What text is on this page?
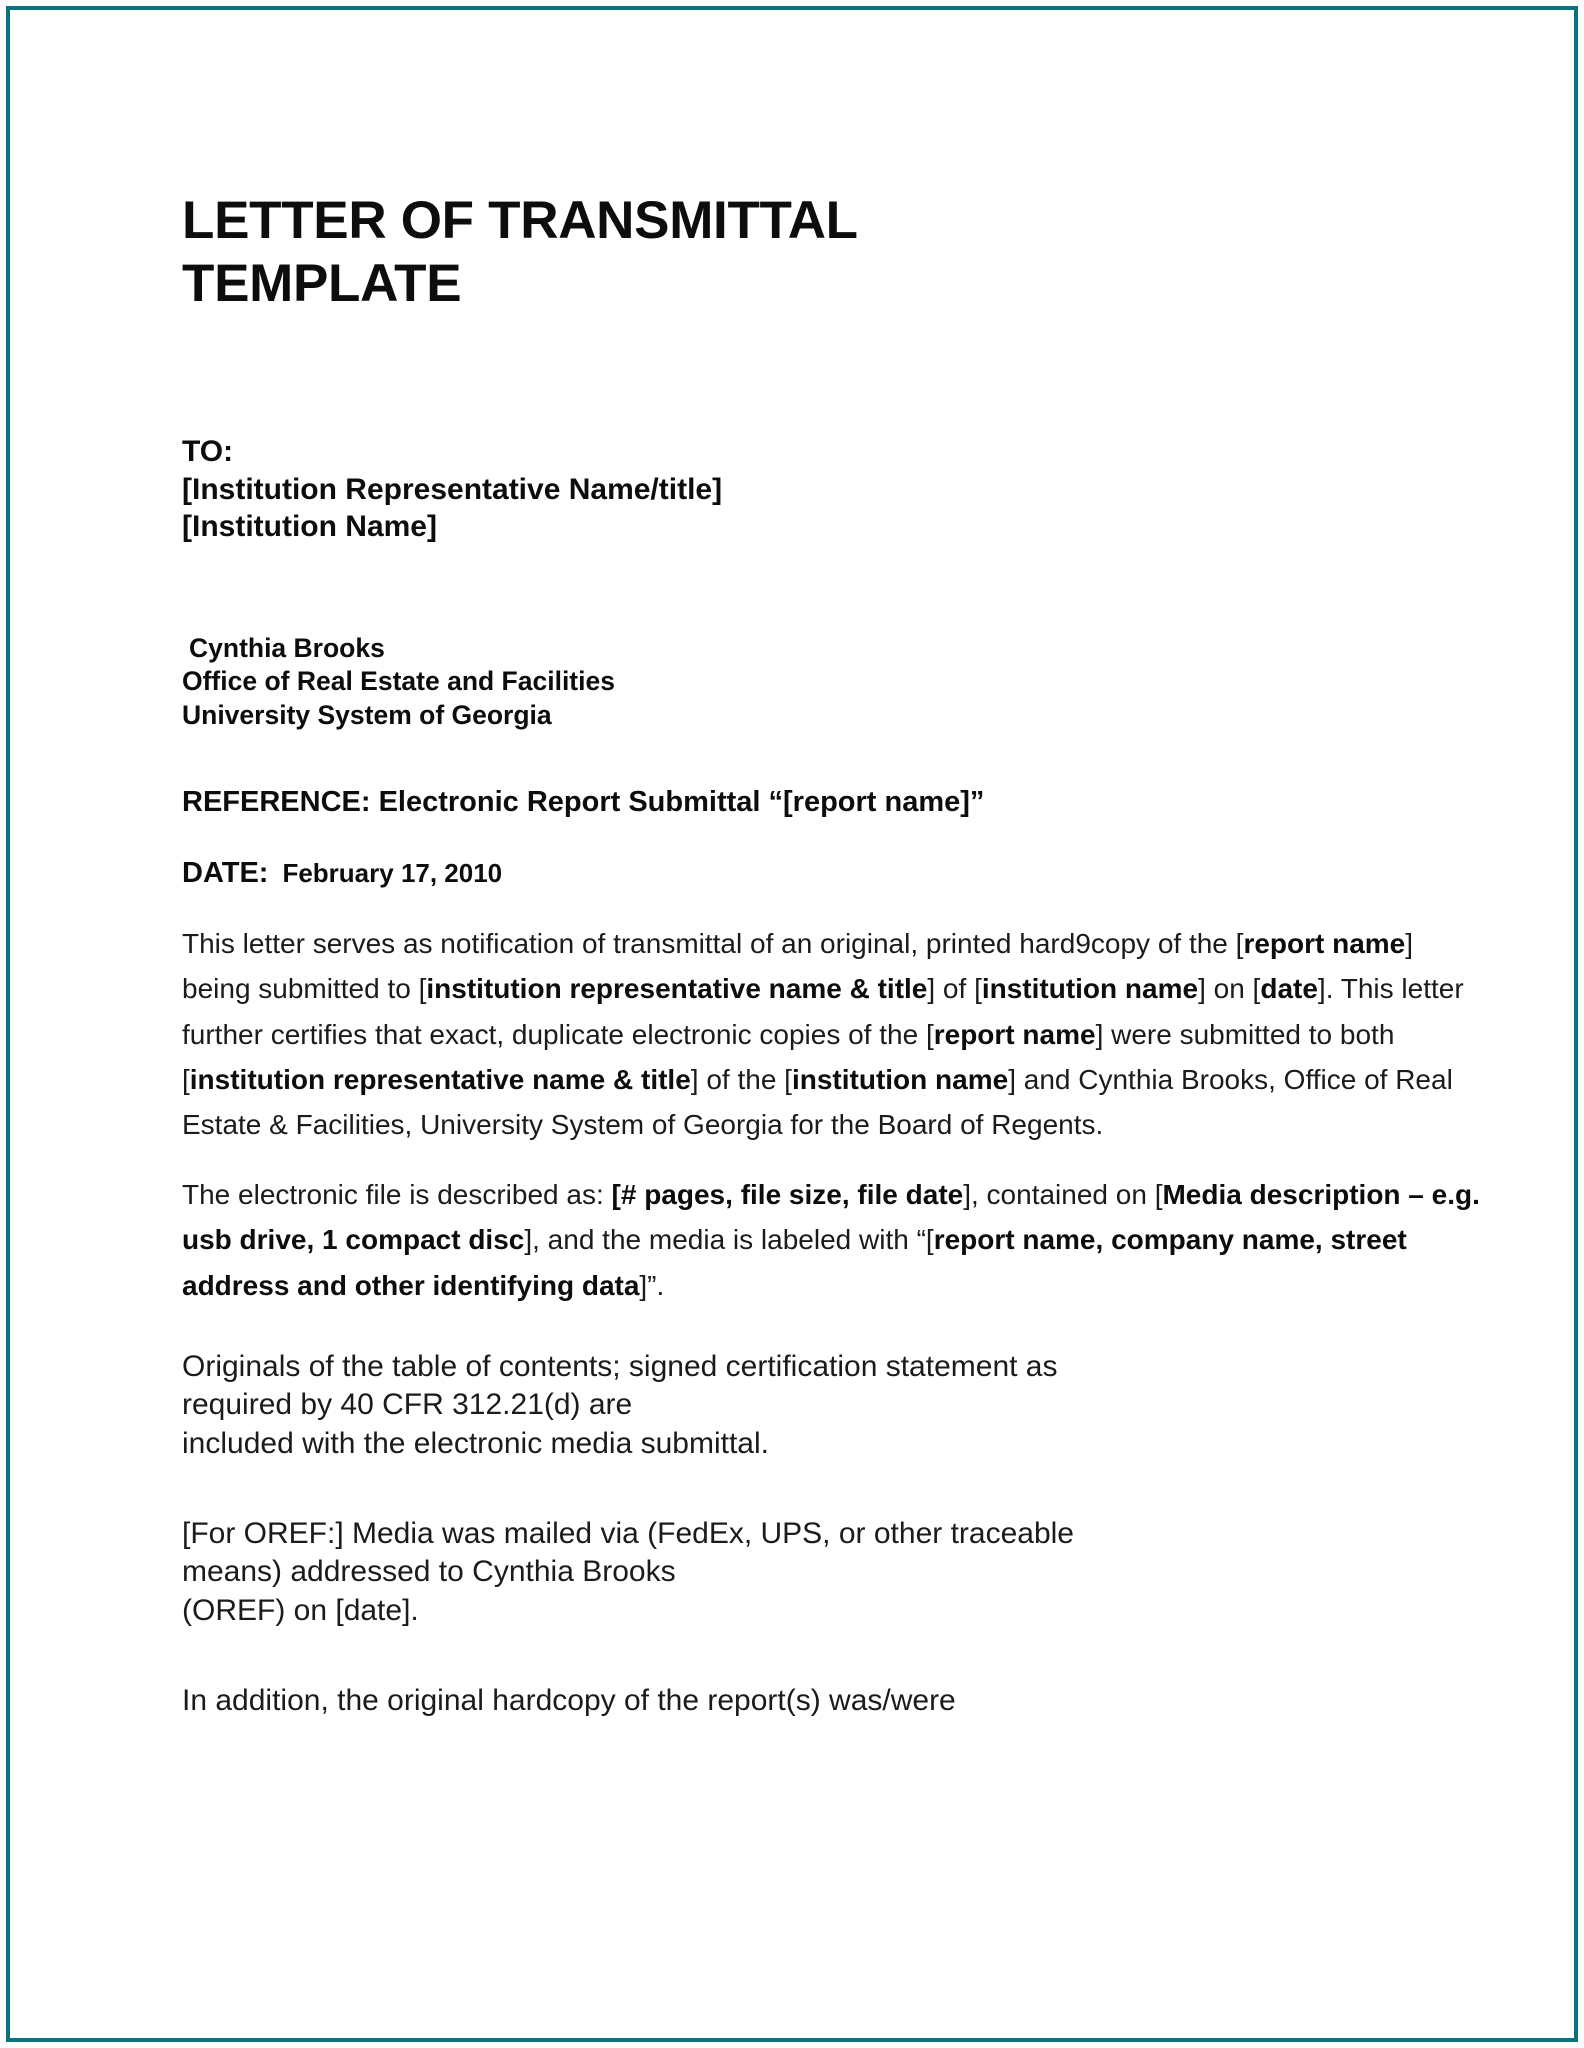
LETTER OF TRANSMITTAL
TEMPLATE
TO:
[Institution Representative Name/title]
[Institution Name]
Cynthia Brooks
Office of Real Estate and Facilities
University System of Georgia
REFERENCE: Electronic Report Submittal “[report name]”
DATE: February 17, 2010

This letter serves as notification of transmittal of an original, printed hard9copy of the [report name] being submitted to [institution representative name & title] of [institution name] on [date]. This letter further certifies that exact, duplicate electronic copies of the [report name] were submitted to both [institution representative name & title] of the [institution name] and Cynthia Brooks, Office of Real Estate & Facilities, University System of Georgia for the Board of Regents.

The electronic file is described as: [# pages, file size, file date], contained on [Media description – e.g. usb drive, 1 compact disc], and the media is labeled with “[report name, company name, street address and other identifying data]”.

Originals of the table of contents; signed certification statement as
required by 40 CFR 312.21(d) are
included with the electronic media submittal.

[For OREF:] Media was mailed via (FedEx, UPS, or other traceable
means) addressed to Cynthia Brooks
(OREF) on [date].

In addition, the original hardcopy of the report(s) was/were
